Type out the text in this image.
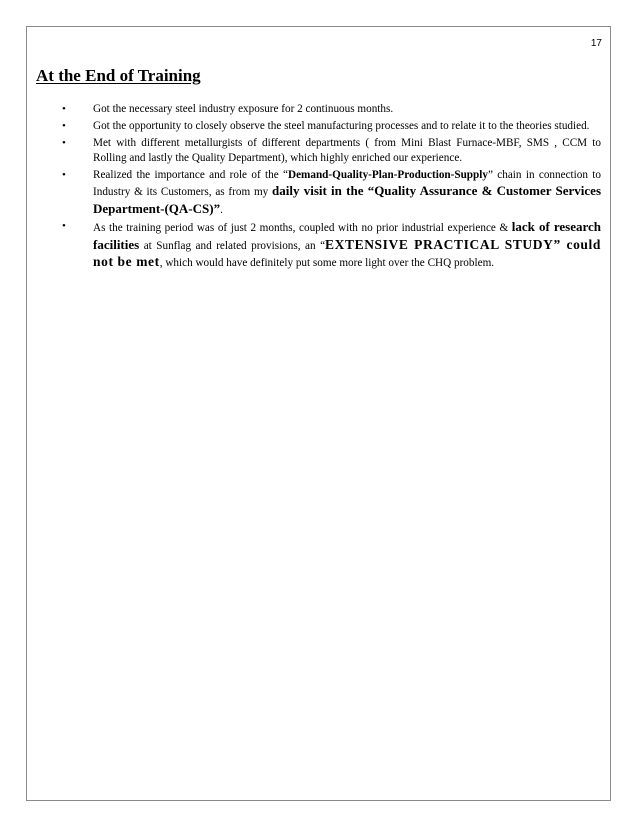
17
At the End of Training
• Got the necessary steel industry exposure for 2 continuous months.
• Got the opportunity to closely observe the steel manufacturing processes and to relate it to the theories studied.
• Met with different metallurgists of different departments ( from Mini Blast Furnace-MBF, SMS , CCM to Rolling and lastly the Quality Department), which highly enriched our experience.
• Realized the importance and role of the “Demand-Quality-Plan-Production-Supply” chain in connection to Industry & its Customers, as from my daily visit in the “Quality Assurance & Customer Services Department-(QA-CS)”.
• As the training period was of just 2 months, coupled with no prior industrial experience & lack of research facilities at Sunflag and related provisions, an “EXTENSIVE PRACTICAL STUDY” could not be met, which would have definitely put some more light over the CHQ problem.
